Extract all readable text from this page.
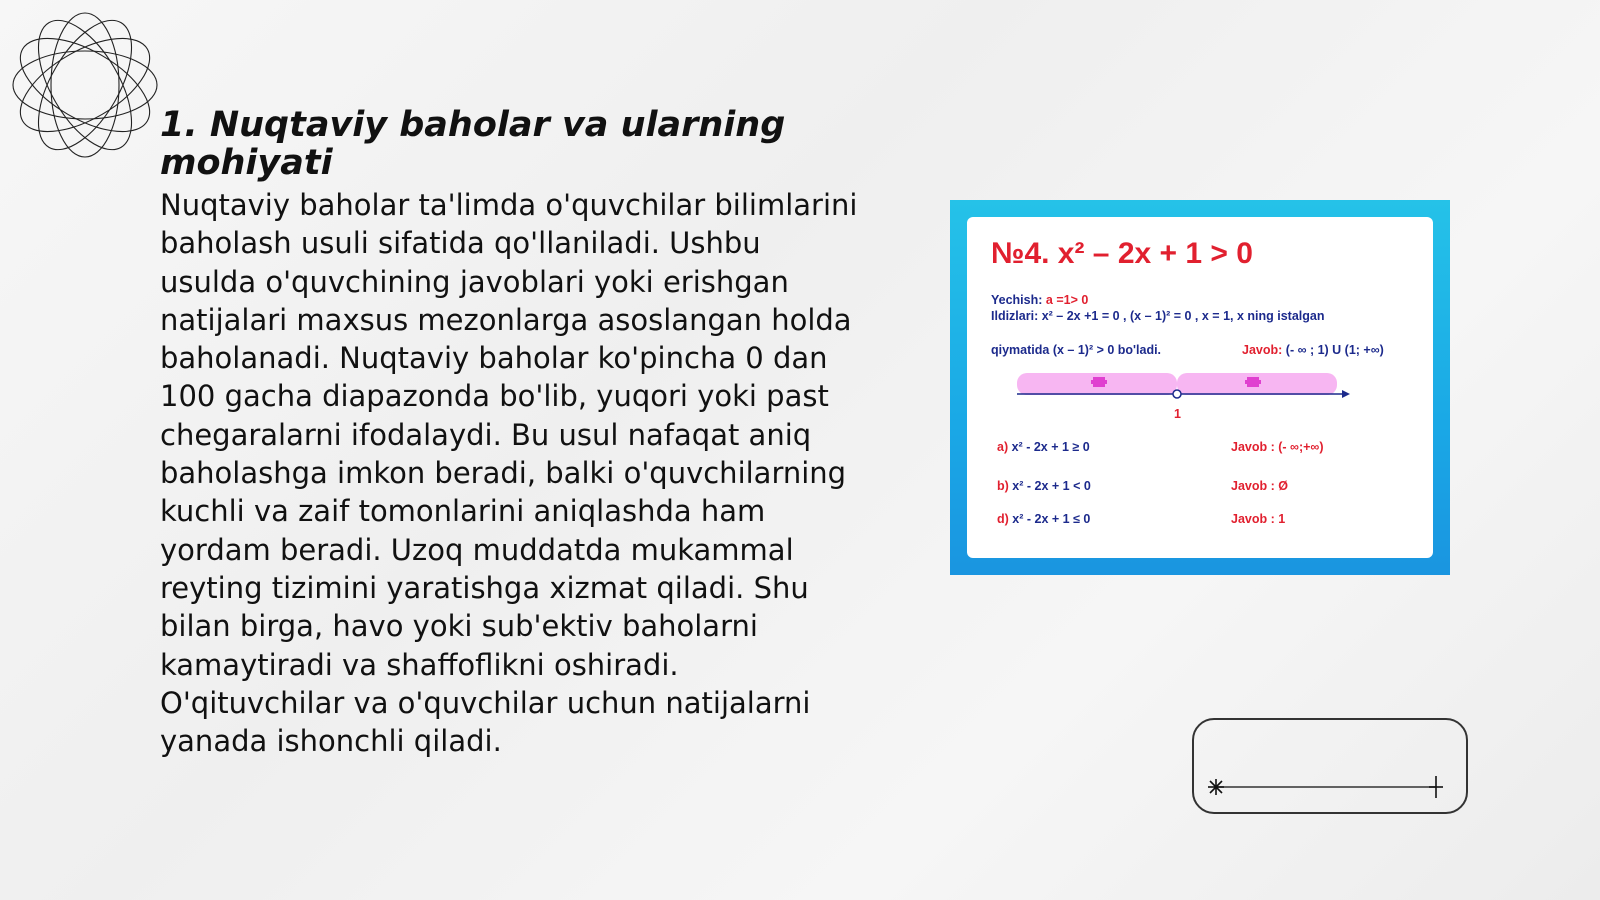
1. Nuqtaviy baholar va ularning mohiyati
Nuqtaviy baholar ta'limda o'quvchilar bilimlarini baholash usuli sifatida qo'llaniladi. Ushbu usulda o'quvchining javoblari yoki erishgan natijalari maxsus mezonlarga asoslangan holda baholanadi. Nuqtaviy baholar ko'pincha 0 dan 100 gacha diapazonda bo'lib, yuqori yoki past chegaralarni ifodalaydi. Bu usul nafaqat aniq baholashga imkon beradi, balki o'quvchilarning kuchli va zaif tomonlarini aniqlashda ham yordam beradi. Uzoq muddatda mukammal reyting tizimini yaratishga xizmat qiladi. Shu bilan birga, havo yoki sub'ektiv baholarni kamaytiradi va shaffoflikni oshiradi. O'qituvchilar va o'quvchilar uchun natijalarni yanada ishonchli qiladi.
№4. x² – 2x + 1 > 0
Yechish: a =1> 0
Ildizlari: x² – 2x +1 = 0 , (x – 1)² = 0 , x = 1, x ning istalgan
qiymatida (x – 1)² > 0 bo'ladi.	Javob: (- ∞ ; 1) U (1; +∞)
1
a) x² - 2x + 1 ≥ 0	Javob : (- ∞;+∞)
b) x² - 2x + 1 < 0	Javob : Ø
d) x² - 2x + 1 ≤ 0	Javob : 1
